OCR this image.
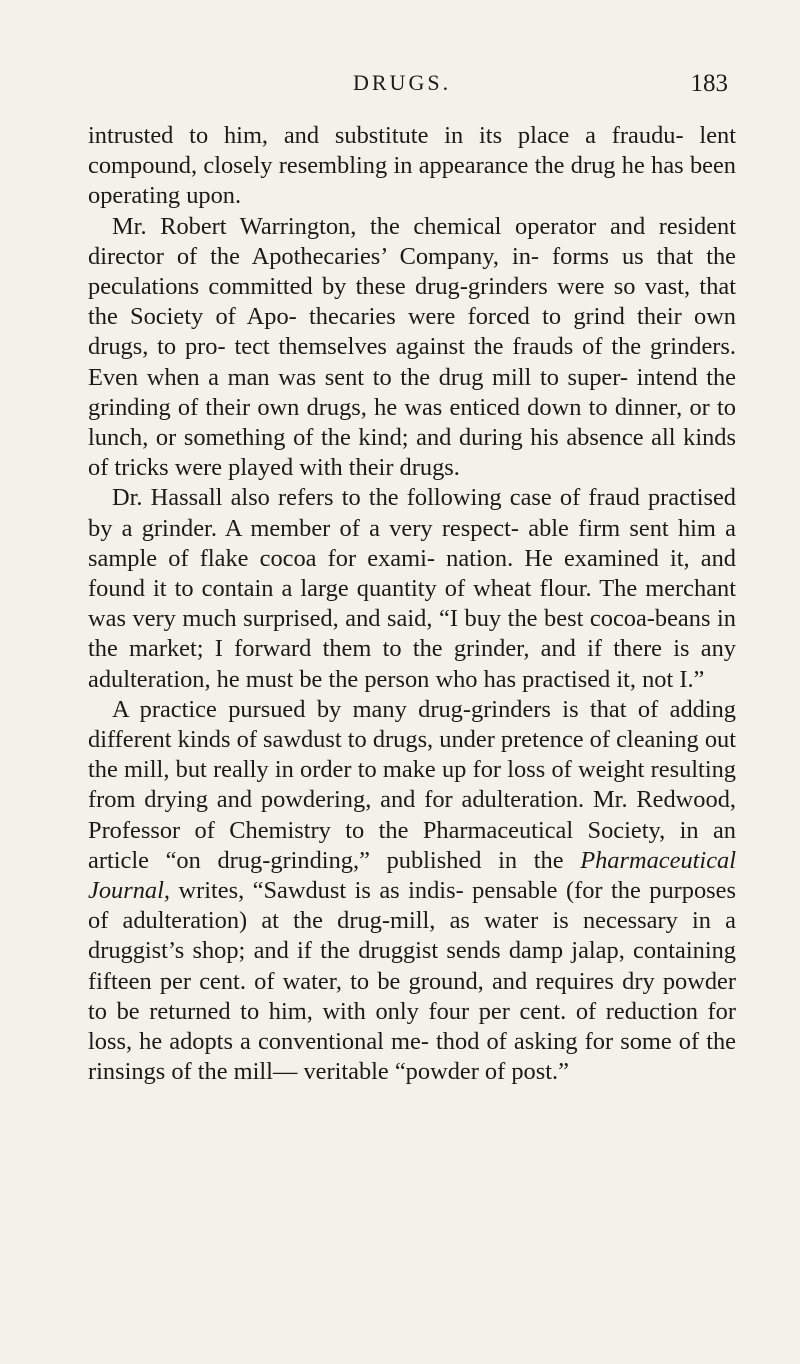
DRUGS.	183

intrusted to him, and substitute in its place a fraudu- lent compound, closely resembling in appearance the drug he has been operating upon.

Mr. Robert Warrington, the chemical operator and resident director of the Apothecaries’ Company, in- forms us that the peculations committed by these drug-grinders were so vast, that the Society of Apo- thecaries were forced to grind their own drugs, to pro- tect themselves against the frauds of the grinders. Even when a man was sent to the drug mill to super- intend the grinding of their own drugs, he was enticed down to dinner, or to lunch, or something of the kind; and during his absence all kinds of tricks were played with their drugs.

Dr. Hassall also refers to the following case of fraud practised by a grinder. A member of a very respect- able firm sent him a sample of flake cocoa for exami- nation. He examined it, and found it to contain a large quantity of wheat flour. The merchant was very much surprised, and said, “I buy the best cocoa-beans in the market; I forward them to the grinder, and if there is any adulteration, he must be the person who has practised it, not I.”

A practice pursued by many drug-grinders is that of adding different kinds of sawdust to drugs, under pretence of cleaning out the mill, but really in order to make up for loss of weight resulting from drying and powdering, and for adulteration. Mr. Redwood, Professor of Chemistry to the Pharmaceutical Society, in an article “on drug-grinding,” published in the Pharmaceutical Journal, writes, “Sawdust is as indis- pensable (for the purposes of adulteration) at the drug-mill, as water is necessary in a druggist’s shop; and if the druggist sends damp jalap, containing fifteen per cent. of water, to be ground, and requires dry powder to be returned to him, with only four per cent. of reduction for loss, he adopts a conventional me- thod of asking for some of the rinsings of the mill— veritable “powder of post.”
